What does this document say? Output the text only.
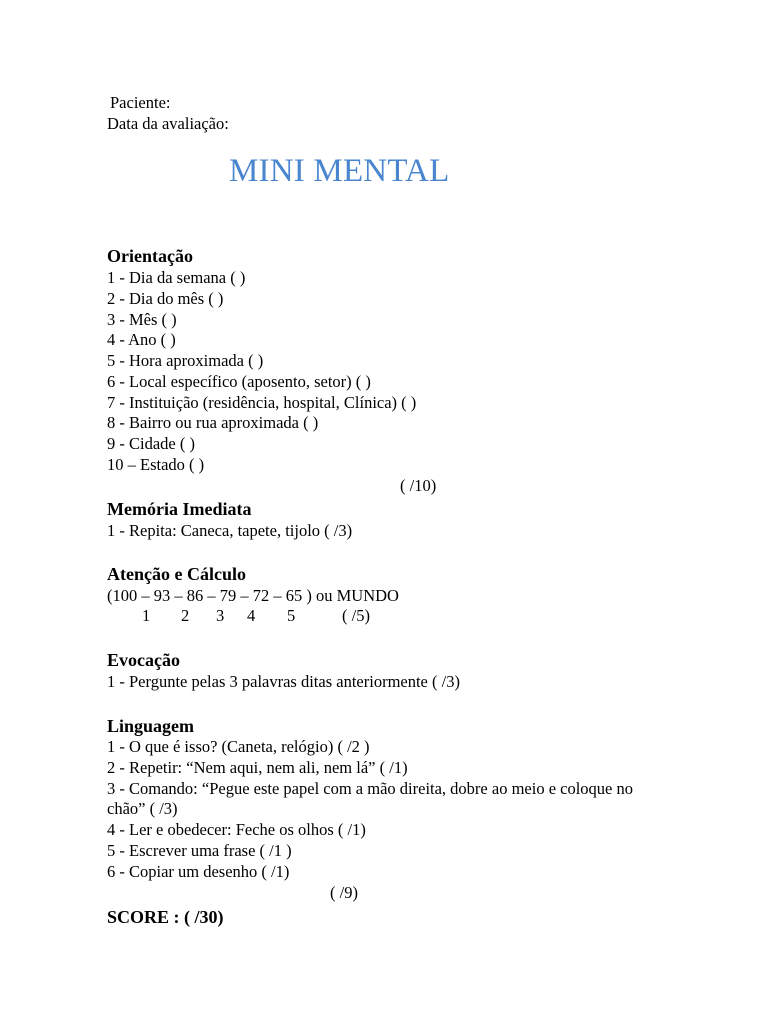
Paciente:
Data da avaliação:
MINI MENTAL
Orientação
1 - Dia da semana ( )
2 - Dia do mês ( )
3 - Mês ( )
4 - Ano ( )
5 - Hora aproximada ( )
6 - Local específico (aposento, setor) ( )
7 - Instituição (residência, hospital, Clínica) ( )
8 - Bairro ou rua aproximada ( )
9 - Cidade ( )
10 – Estado ( )
( /10)
Memória Imediata
1 - Repita: Caneca, tapete, tijolo ( /3)
Atenção e Cálculo
(100 – 93 – 86 – 79 – 72 – 65 ) ou MUNDO
1 2 3 4 5	( /5)
Evocação
1 - Pergunte pelas 3 palavras ditas anteriormente ( /3)
Linguagem
1 - O que é isso? (Caneta, relógio) ( /2 )
2 - Repetir: “Nem aqui, nem ali, nem lá” ( /1)
3 - Comando: “Pegue este papel com a mão direita, dobre ao meio e coloque no chão” ( /3)
4 - Ler e obedecer: Feche os olhos ( /1)
5 - Escrever uma frase ( /1 )
6 - Copiar um desenho ( /1)
( /9)
SCORE : ( /30)
